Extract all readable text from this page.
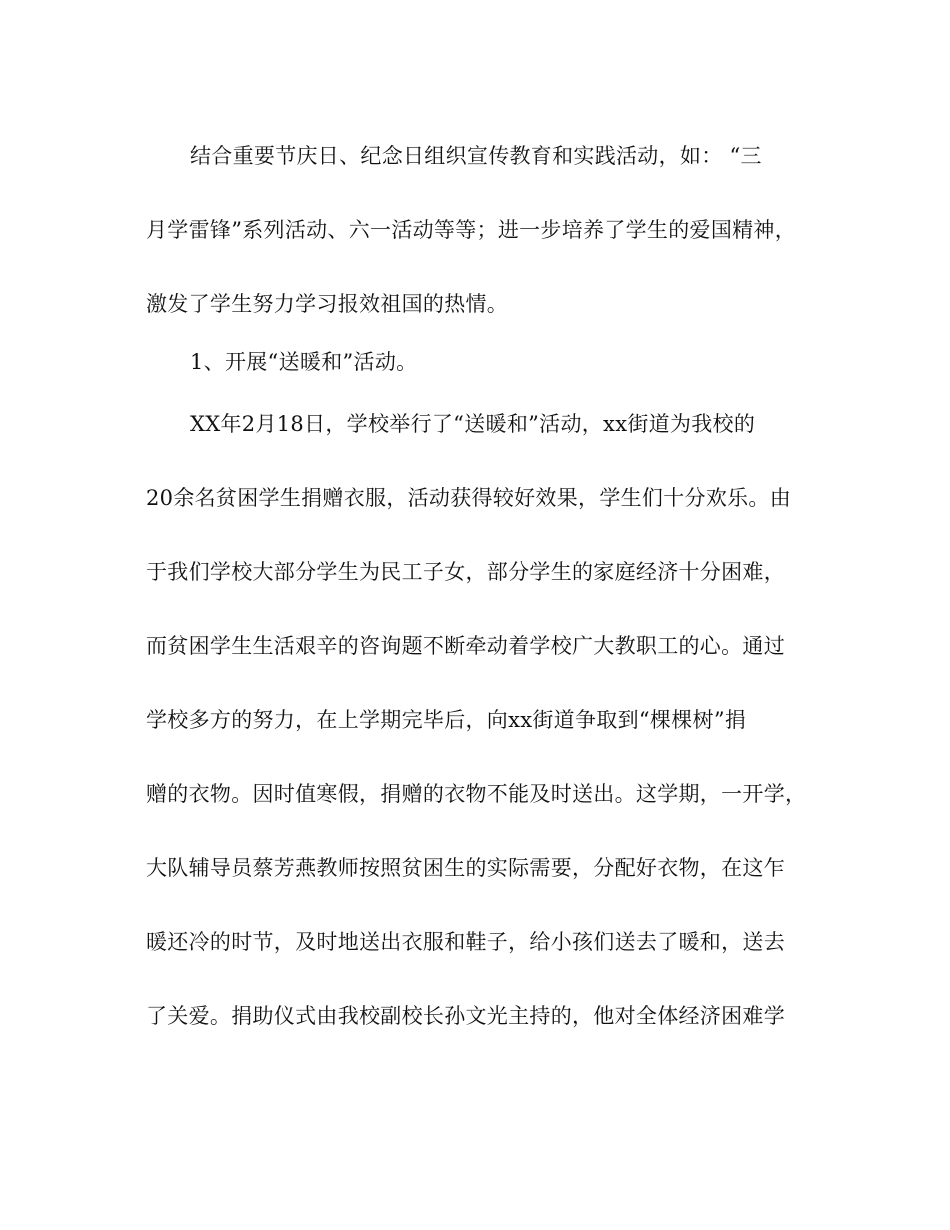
结合重要节庆日、纪念日组织宣传教育和实践活动，如： “三
月学雷锋”系列活动、六一活动等等；进一步培养了学生的爱国精神，
激发了学生努力学习报效祖国的热情。
1、开展“送暖和”活动。
XX年2月18日，学校举行了“送暖和”活动，xx街道为我校的
20余名贫困学生捐赠衣服，活动获得较好效果，学生们十分欢乐。由
于我们学校大部分学生为民工子女，部分学生的家庭经济十分困难，
而贫困学生生活艰辛的咨询题不断牵动着学校广大教职工的心。通过
学校多方的努力，在上学期完毕后，向xx街道争取到“棵棵树”捐
赠的衣物。因时值寒假，捐赠的衣物不能及时送出。这学期，一开学，
大队辅导员蔡芳燕教师按照贫困生的实际需要，分配好衣物，在这乍
暖还冷的时节，及时地送出衣服和鞋子，给小孩们送去了暖和，送去
了关爱。捐助仪式由我校副校长孙文光主持的，他对全体经济困难学
